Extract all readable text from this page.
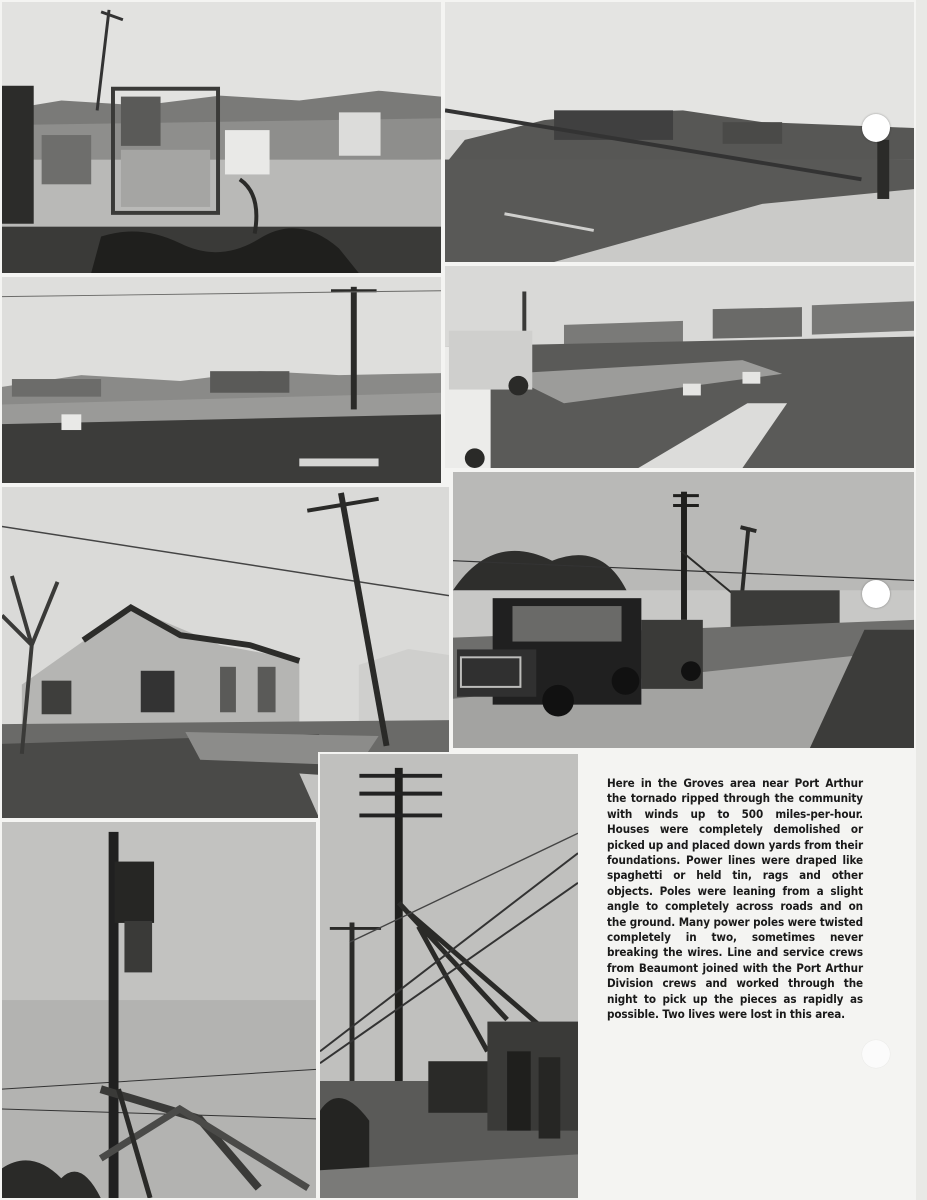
Here in the Groves area near Port Arthur the tornado ripped through the community with winds up to 500 miles-per-hour. Houses were completely demolished or picked up and placed down yards from their foundations. Power lines were draped like spaghetti or held tin, rags and other objects. Poles were leaning from a slight angle to completely across roads and on the ground. Many power poles were twisted completely in two, sometimes never breaking the wires. Line and service crews from Beaumont joined with the Port Arthur Division crews and worked through the night to pick up the pieces as rapidly as possible. Two lives were lost in this area.
